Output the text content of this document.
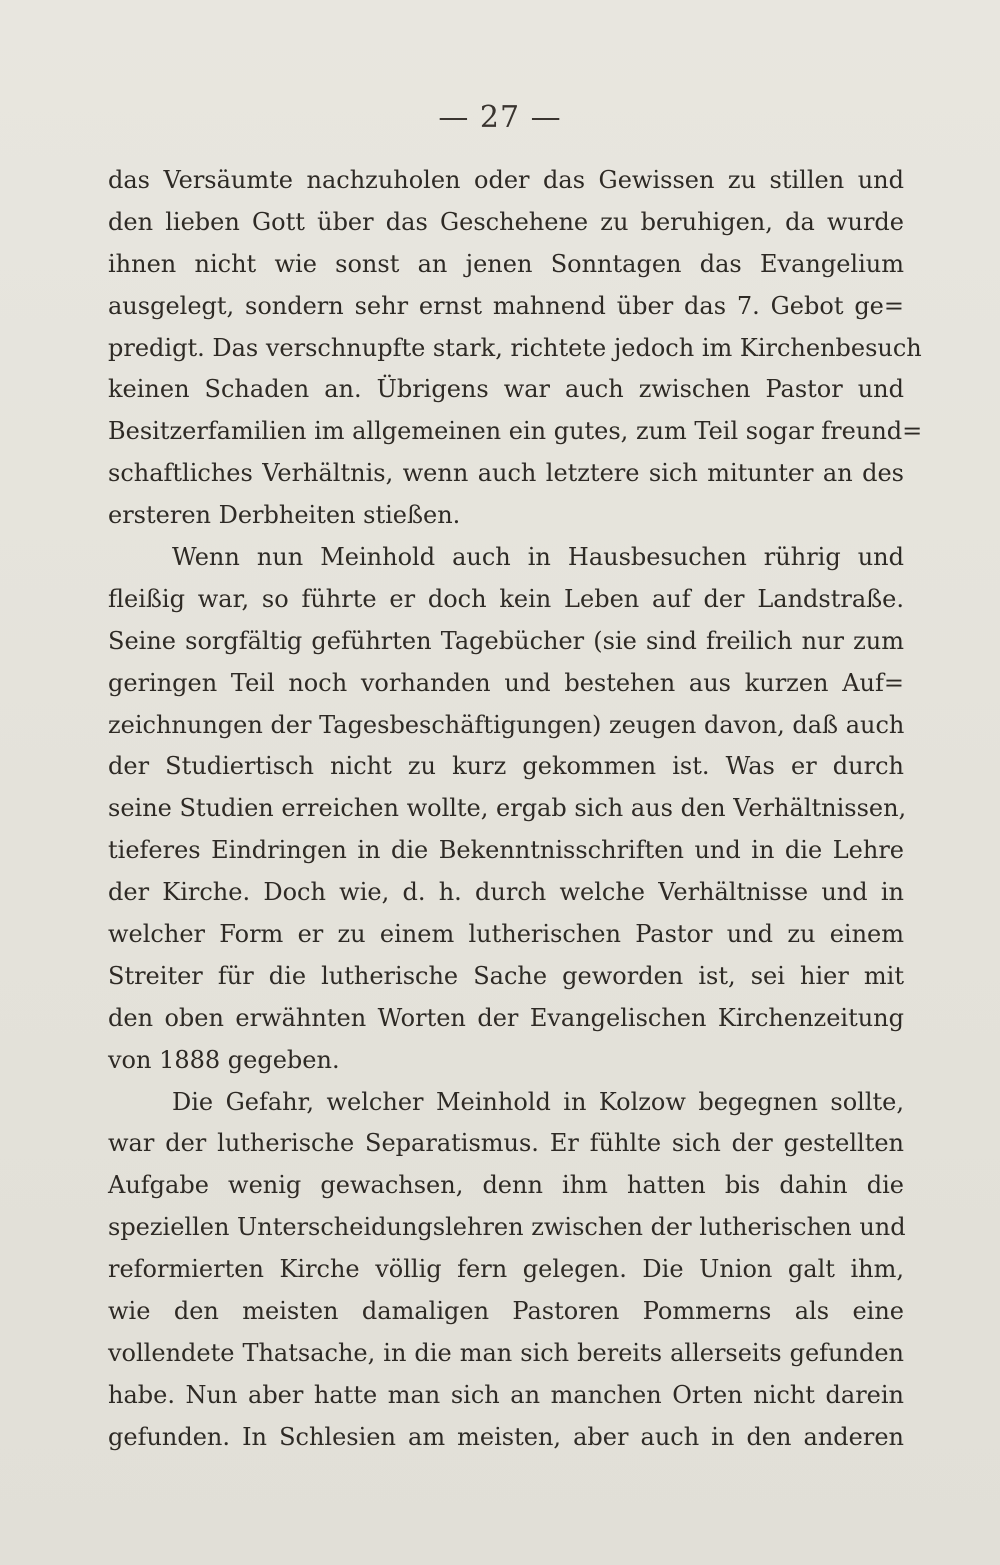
— 27 —
das Versäumte nachzuholen oder das Gewissen zu stillen und
den lieben Gott über das Geschehene zu beruhigen, da wurde
ihnen nicht wie sonst an jenen Sonntagen das Evangelium
ausgelegt, sondern sehr ernst mahnend über das 7. Gebot ge=
predigt. Das verschnupfte stark, richtete jedoch im Kirchenbesuch
keinen Schaden an. Übrigens war auch zwischen Pastor und
Besitzerfamilien im allgemeinen ein gutes, zum Teil sogar freund=
schaftliches Verhältnis, wenn auch letztere sich mitunter an des
ersteren Derbheiten stießen.
Wenn nun Meinhold auch in Hausbesuchen rührig und
fleißig war, so führte er doch kein Leben auf der Landstraße.
Seine sorgfältig geführten Tagebücher (sie sind freilich nur zum
geringen Teil noch vorhanden und bestehen aus kurzen Auf=
zeichnungen der Tagesbeschäftigungen) zeugen davon, daß auch
der Studiertisch nicht zu kurz gekommen ist. Was er durch
seine Studien erreichen wollte, ergab sich aus den Verhältnissen,
tieferes Eindringen in die Bekenntnisschriften und in die Lehre
der Kirche. Doch wie, d. h. durch welche Verhältnisse und in
welcher Form er zu einem lutherischen Pastor und zu einem
Streiter für die lutherische Sache geworden ist, sei hier mit
den oben erwähnten Worten der Evangelischen Kirchenzeitung
von 1888 gegeben.
Die Gefahr, welcher Meinhold in Kolzow begegnen sollte,
war der lutherische Separatismus. Er fühlte sich der gestellten
Aufgabe wenig gewachsen, denn ihm hatten bis dahin die
speziellen Unterscheidungslehren zwischen der lutherischen und
reformierten Kirche völlig fern gelegen. Die Union galt ihm,
wie den meisten damaligen Pastoren Pommerns als eine
vollendete Thatsache, in die man sich bereits allerseits gefunden
habe. Nun aber hatte man sich an manchen Orten nicht darein
gefunden. In Schlesien am meisten, aber auch in den anderen
